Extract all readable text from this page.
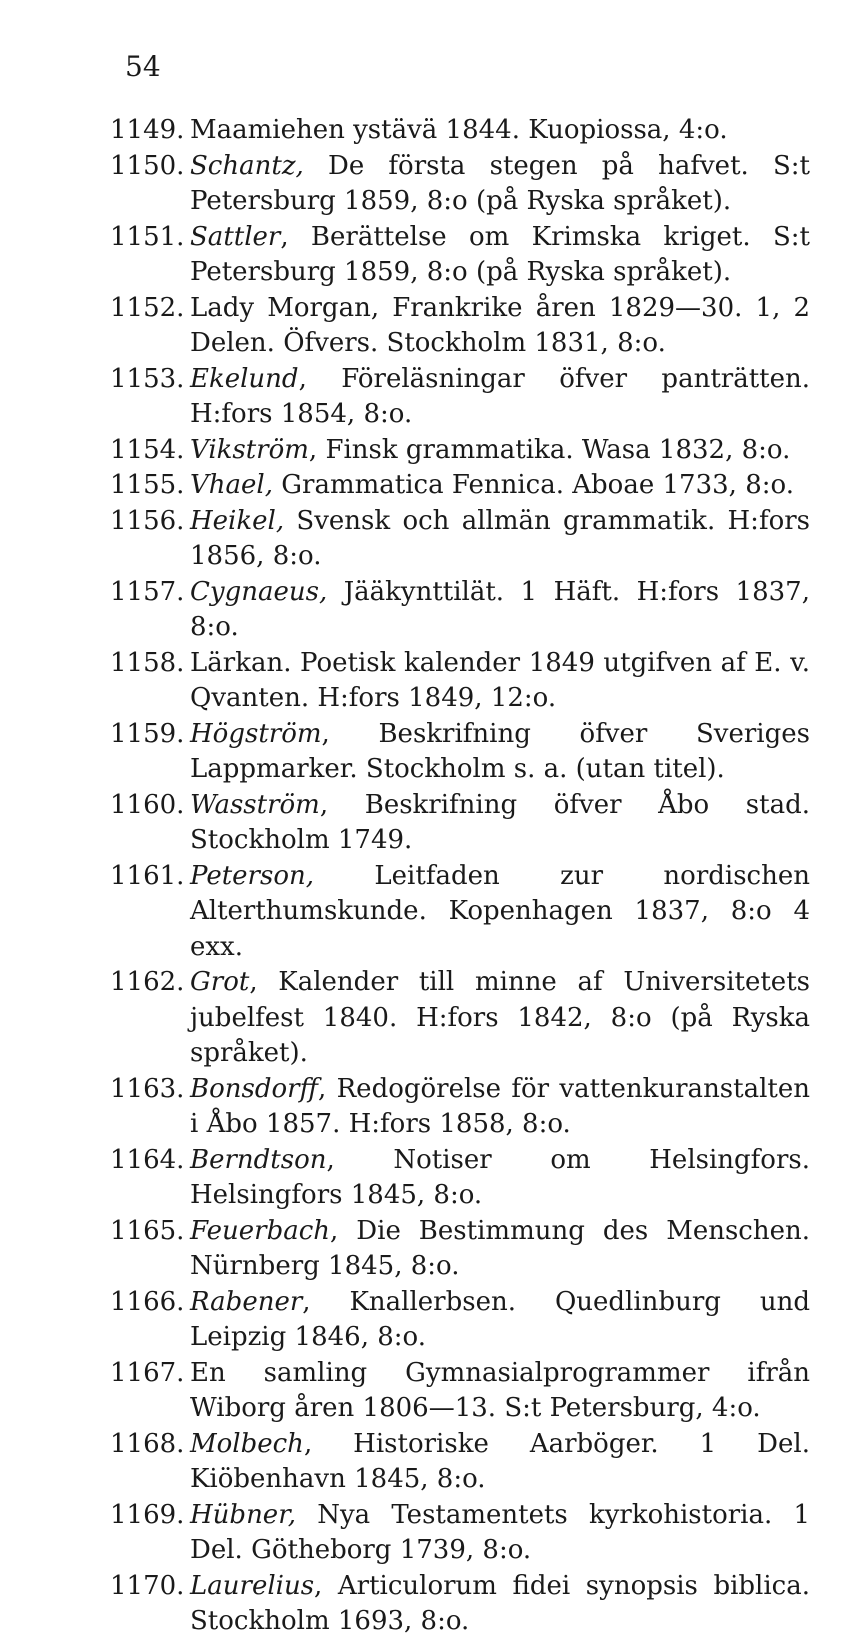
54
1149. Maamiehen ystävä 1844. Kuopiossa, 4:o.
1150. Schantz, De första stegen på hafvet. S:t Petersburg 1859, 8:o (på Ryska språket).
1151. Sattler, Berättelse om Krimska kriget. S:t Petersburg 1859, 8:o (på Ryska språket).
1152. Lady Morgan, Frankrike åren 1829—30. 1, 2 Delen. Öfvers. Stockholm 1831, 8:o.
1153. Ekelund, Föreläsningar öfver panträtten. H:fors 1854, 8:o.
1154. Vikström, Finsk grammatika. Wasa 1832, 8:o.
1155. Vhael, Grammatica Fennica. Aboae 1733, 8:o.
1156. Heikel, Svensk och allmän grammatik. H:fors 1856, 8:o.
1157. Cygnaeus, Jääkynttilät. 1 Häft. H:fors 1837, 8:o.
1158. Lärkan. Poetisk kalender 1849 utgifven af E. v. Qvanten. H:fors 1849, 12:o.
1159. Högström, Beskrifning öfver Sveriges Lappmarker. Stockholm s. a. (utan titel).
1160. Wasström, Beskrifning öfver Åbo stad. Stockholm 1749.
1161. Peterson, Leitfaden zur nordischen Alterthumskunde. Kopenhagen 1837, 8:o 4 exx.
1162. Grot, Kalender till minne af Universitetets jubelfest 1840. H:fors 1842, 8:o (på Ryska språket).
1163. Bonsdorff, Redogörelse för vattenkuranstalten i Åbo 1857. H:fors 1858, 8:o.
1164. Berndtson, Notiser om Helsingfors. Helsingfors 1845, 8:o.
1165. Feuerbach, Die Bestimmung des Menschen. Nürnberg 1845, 8:o.
1166. Rabener, Knallerbsen. Quedlinburg und Leipzig 1846, 8:o.
1167. En samling Gymnasialprogrammer ifrån Wiborg åren 1806—13. S:t Petersburg, 4:o.
1168. Molbech, Historiske Aarböger. 1 Del. Kiöbenhavn 1845, 8:o.
1169. Hübner, Nya Testamentets kyrkohistoria. 1 Del. Götheborg 1739, 8:o.
1170. Laurelius, Articulorum fidei synopsis biblica. Stockholm 1693, 8:o.
